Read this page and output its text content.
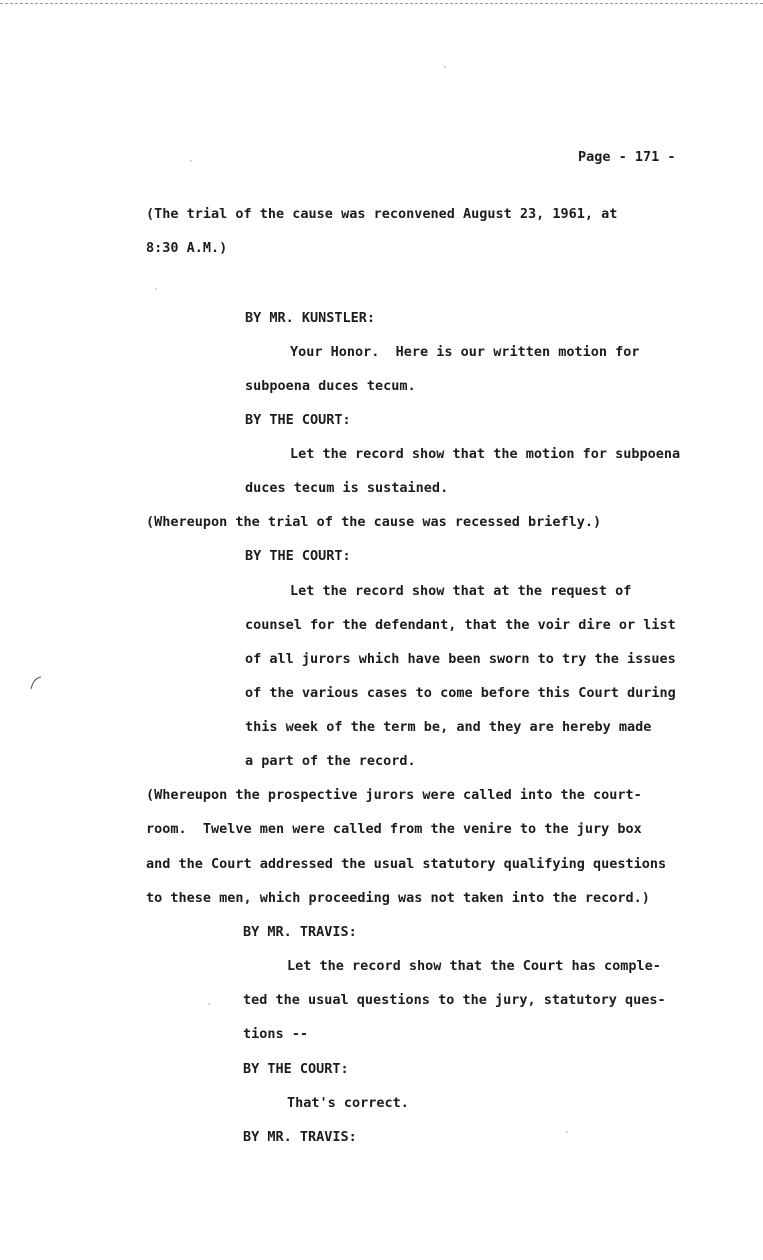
Page - 171 -
(The trial of the cause was reconvened August 23, 1961, at
8:30 A.M.)
BY MR. KUNSTLER:
Your Honor.  Here is our written motion for
subpoena duces tecum.
BY THE COURT:
Let the record show that the motion for subpoena
duces tecum is sustained.
(Whereupon the trial of the cause was recessed briefly.)
BY THE COURT:
Let the record show that at the request of
counsel for the defendant, that the voir dire or list
of all jurors which have been sworn to try the issues
of the various cases to come before this Court during
this week of the term be, and they are hereby made
a part of the record.
(Whereupon the prospective jurors were called into the court-
room.  Twelve men were called from the venire to the jury box
and the Court addressed the usual statutory qualifying questions
to these men, which proceeding was not taken into the record.)
BY MR. TRAVIS:
Let the record show that the Court has comple-
ted the usual questions to the jury, statutory ques-
tions --
BY THE COURT:
That's correct.
BY MR. TRAVIS:
